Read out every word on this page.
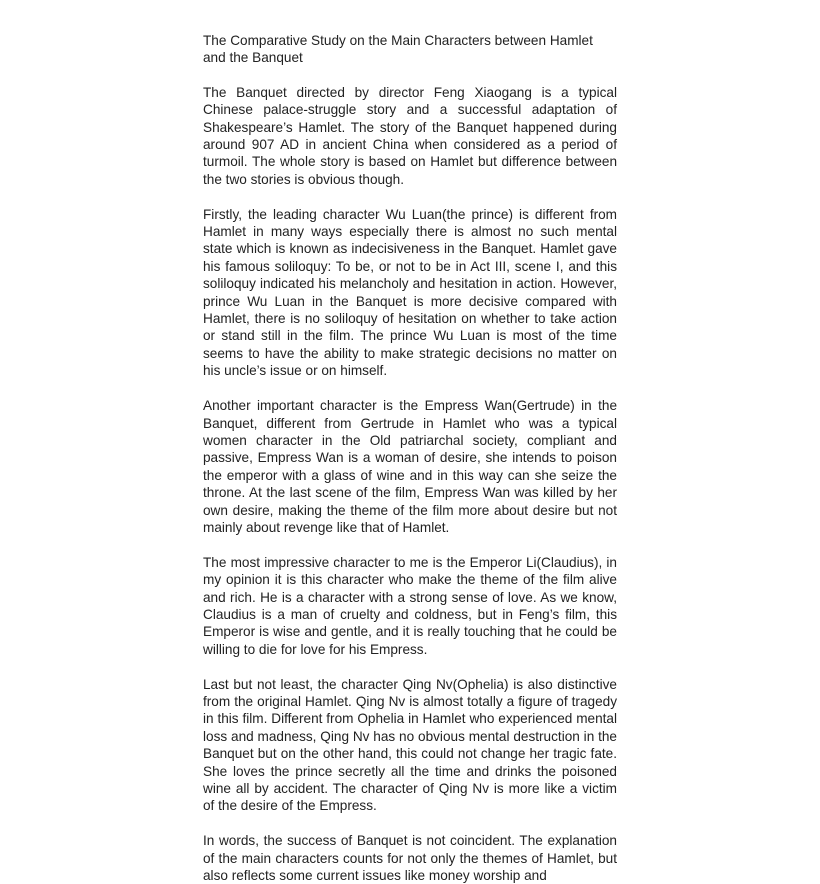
The Comparative Study on the Main Characters between Hamlet and the Banquet

The Banquet directed by director Feng Xiaogang is a typical Chinese palace-struggle story and a successful adaptation of Shakespeare’s Hamlet. The story of the Banquet happened during around 907 AD in ancient China when considered as a period of turmoil. The whole story is based on Hamlet but difference between the two stories is obvious though.

Firstly, the leading character Wu Luan(the prince) is different from Hamlet in many ways especially there is almost no such mental state which is known as indecisiveness in the Banquet. Hamlet gave his famous soliloquy: To be, or not to be in Act III, scene I, and this soliloquy indicated his melancholy and hesitation in action. However, prince Wu Luan in the Banquet is more decisive compared with Hamlet, there is no soliloquy of hesitation on whether to take action or stand still in the film. The prince Wu Luan is most of the time seems to have the ability to make strategic decisions no matter on his uncle’s issue or on himself.

Another important character is the Empress Wan(Gertrude) in the Banquet, different from Gertrude in Hamlet who was a typical women character in the Old patriarchal society, compliant and passive, Empress Wan is a woman of desire, she intends to poison the emperor with a glass of wine and in this way can she seize the throne. At the last scene of the film, Empress Wan was killed by her own desire, making the theme of the film more about desire but not mainly about revenge like that of Hamlet.

The most impressive character to me is the Emperor Li(Claudius), in my opinion it is this character who make the theme of the film alive and rich. He is a character with a strong sense of love. As we know, Claudius is a man of cruelty and coldness, but in Feng’s film, this Emperor is wise and gentle, and it is really touching that he could be willing to die for love for his Empress.

Last but not least, the character Qing Nv(Ophelia) is also distinctive from the original Hamlet. Qing Nv is almost totally a figure of tragedy in this film. Different from Ophelia in Hamlet who experienced mental loss and madness, Qing Nv has no obvious mental destruction in the Banquet but on the other hand, this could not change her tragic fate. She loves the prince secretly all the time and drinks the poisoned wine all by accident. The character of Qing Nv is more like a victim of the desire of the Empress.

In words, the success of Banquet is not coincident. The explanation of the main characters counts for not only the themes of Hamlet, but also reflects some current issues like money worship and
